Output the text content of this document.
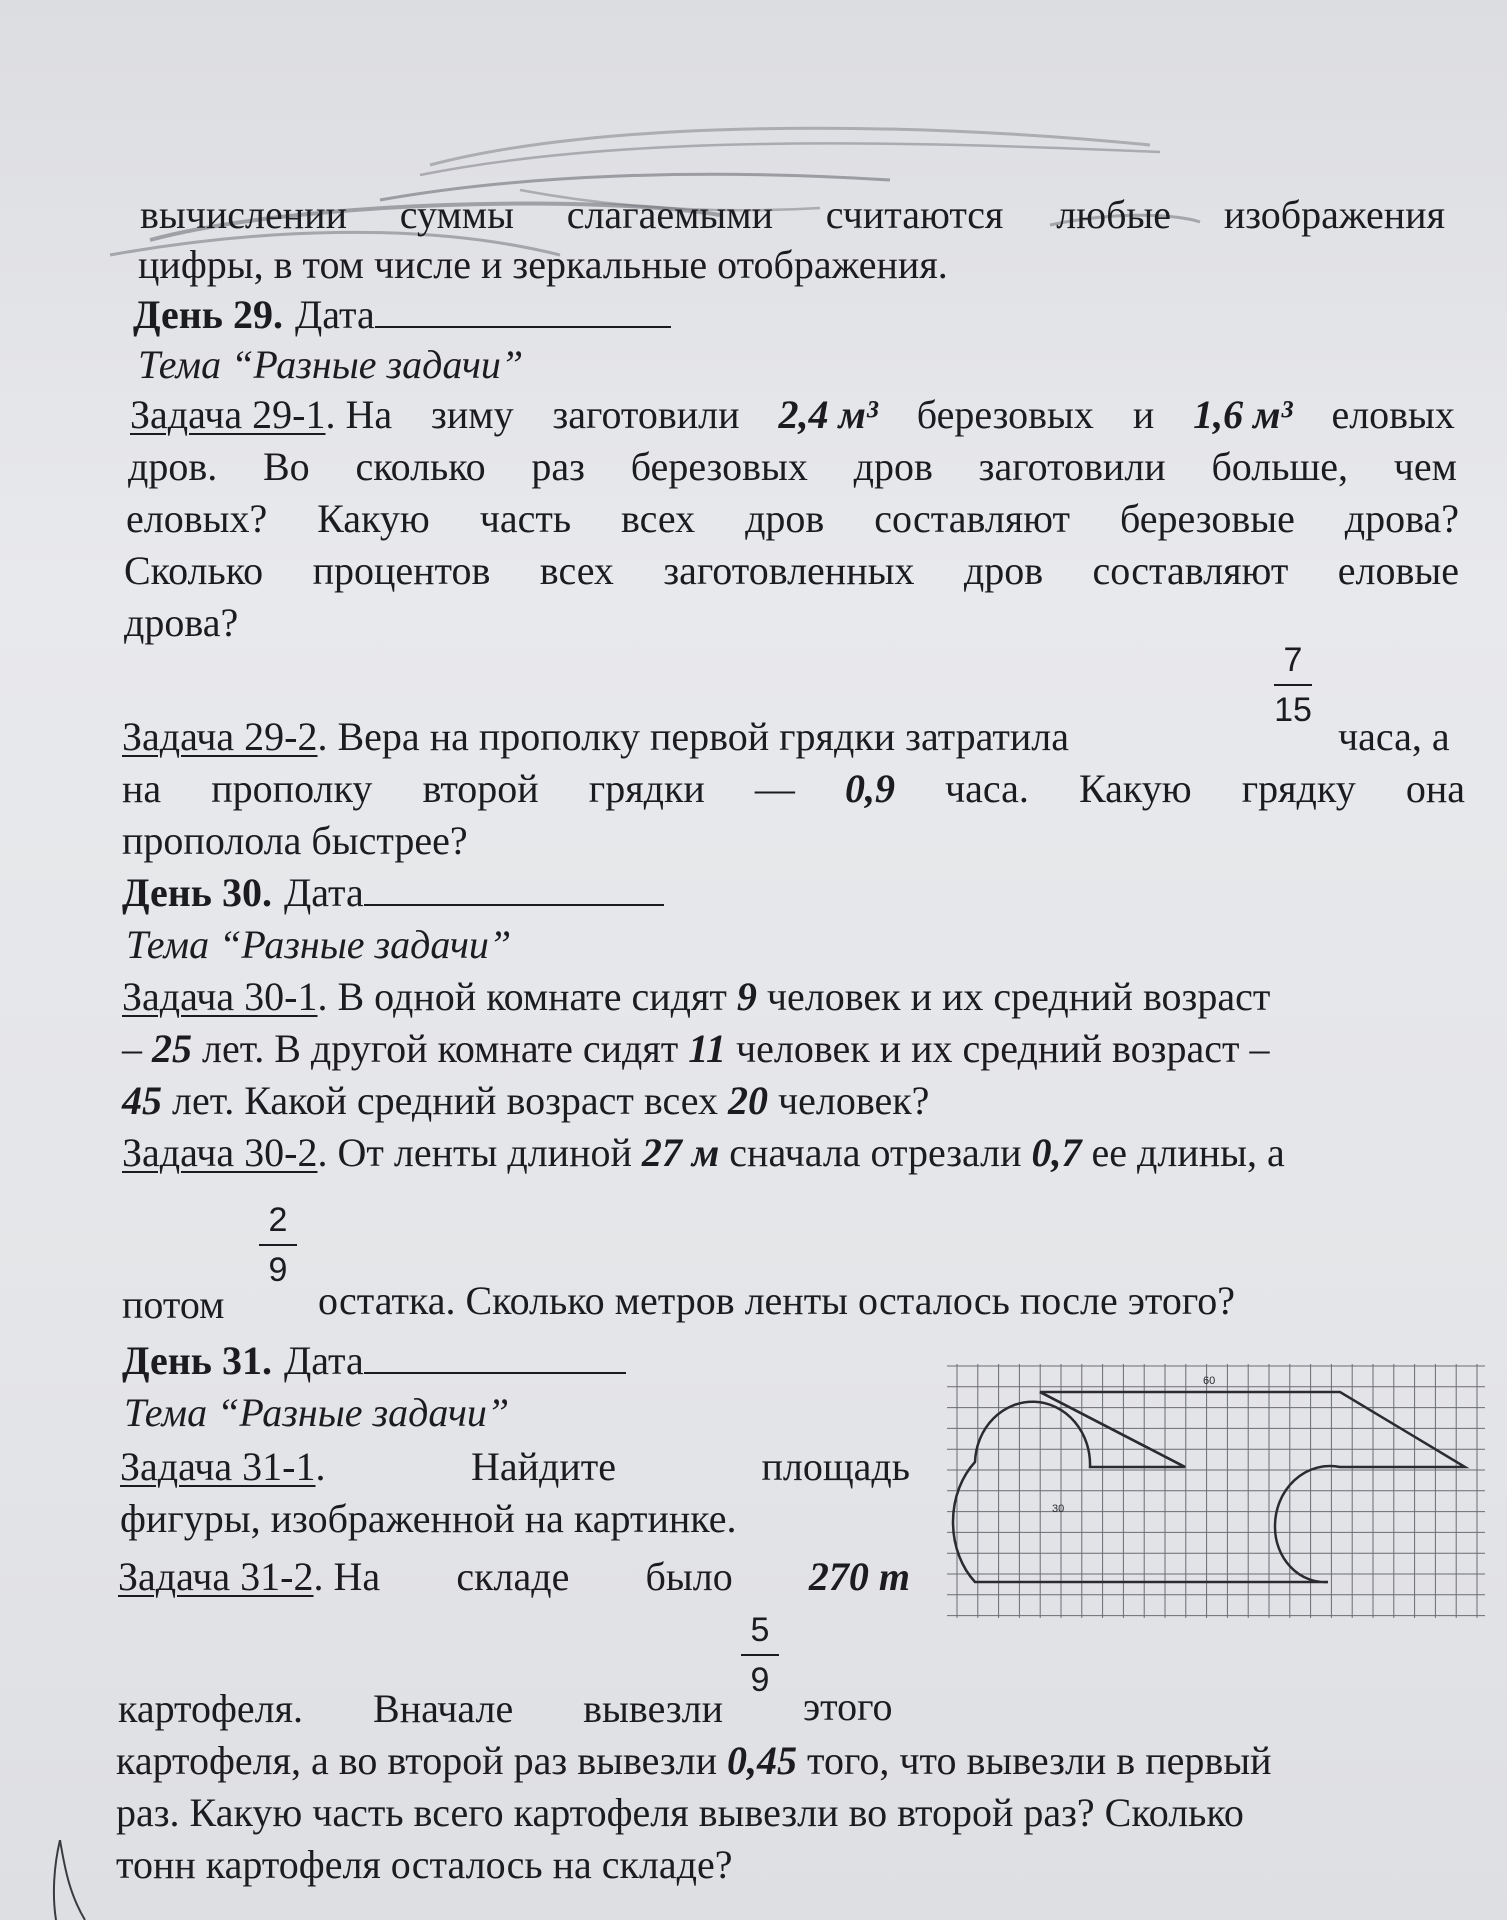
вычислении суммы слагаемыми считаются любые изображения
цифры, в том числе и зеркальные отображения.
День 29. Дата
Тема “Разные задачи”
Задача 29-1. На зиму заготовили 2,4 м³ березовых и 1,6 м³ еловых
дров. Во сколько раз березовых дров заготовили больше, чем
еловых? Какую часть всех дров составляют березовые дрова?
Сколько процентов всех заготовленных дров составляют еловые
дрова?
7
15
Задача 29-2. Вера на прополку первой грядки затратила	часа, а
на прополку второй грядки — 0,9 часа. Какую грядку она
прополола быстрее?
День 30. Дата
Тема “Разные задачи”
Задача 30-1. В одной комнате сидят 9 человек и их средний возраст
– 25 лет. В другой комнате сидят 11 человек и их средний возраст –
45 лет. Какой средний возраст всех 20 человек?
Задача 30-2. От ленты длиной 27 м сначала отрезали 0,7 ее длины, а
2
9
потом остатка. Сколько метров ленты осталось после этого?
День 31. Дата
Тема “Разные задачи”
Задача 31-1.	Найдите	площадь
фигуры, изображенной на картинке.
Задача 31-2. На складе было 270 т
5
9
картофеля. Вначале вывезли этого
картофеля, а во второй раз вывезли 0,45 того, что вывезли в первый
раз. Какую часть всего картофеля вывезли во второй раз? Сколько
тонн картофеля осталось на складе?
60
30
